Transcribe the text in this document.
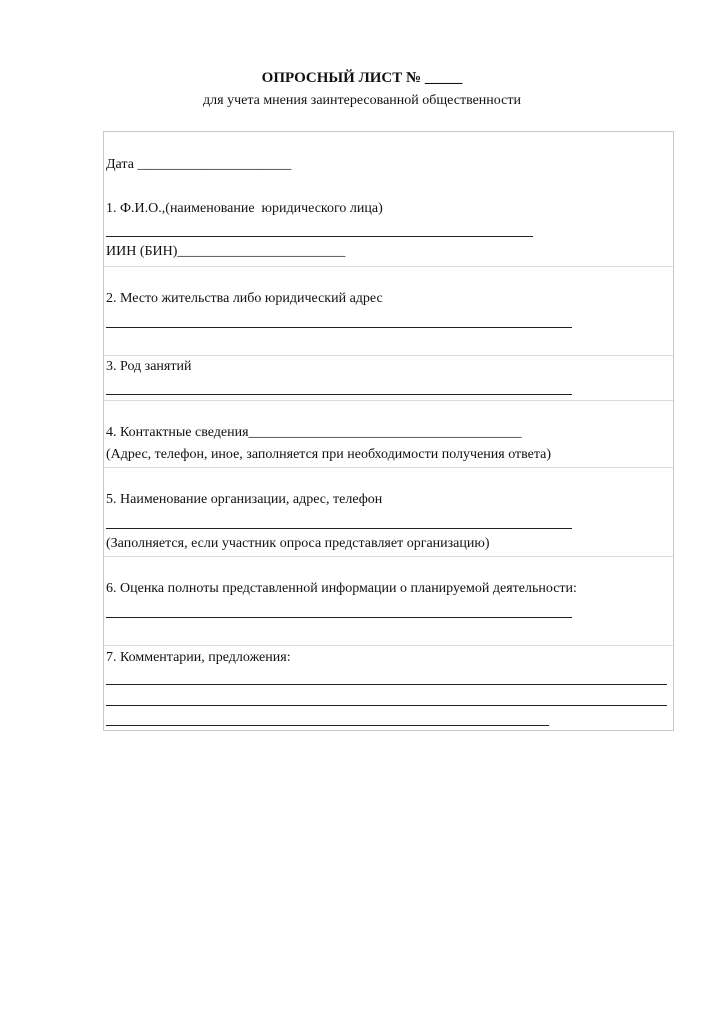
ОПРОСНЫЙ ЛИСТ № _____
для учета мнения заинтересованной общественности
Дата ______________________
1. Ф.И.О.,(наименование  юридического лица)
ИИН (БИН)________________________
2. Место жительства либо юридический адрес
3. Род занятий
4. Контактные сведения_______________________________________
(Адрес, телефон, иное, заполняется при необходимости получения ответа)
5. Наименование организации, адрес, телефон
(Заполняется, если участник опроса представляет организацию)
6. Оценка полноты представленной информации о планируемой деятельности:
7. Комментарии, предложения:
